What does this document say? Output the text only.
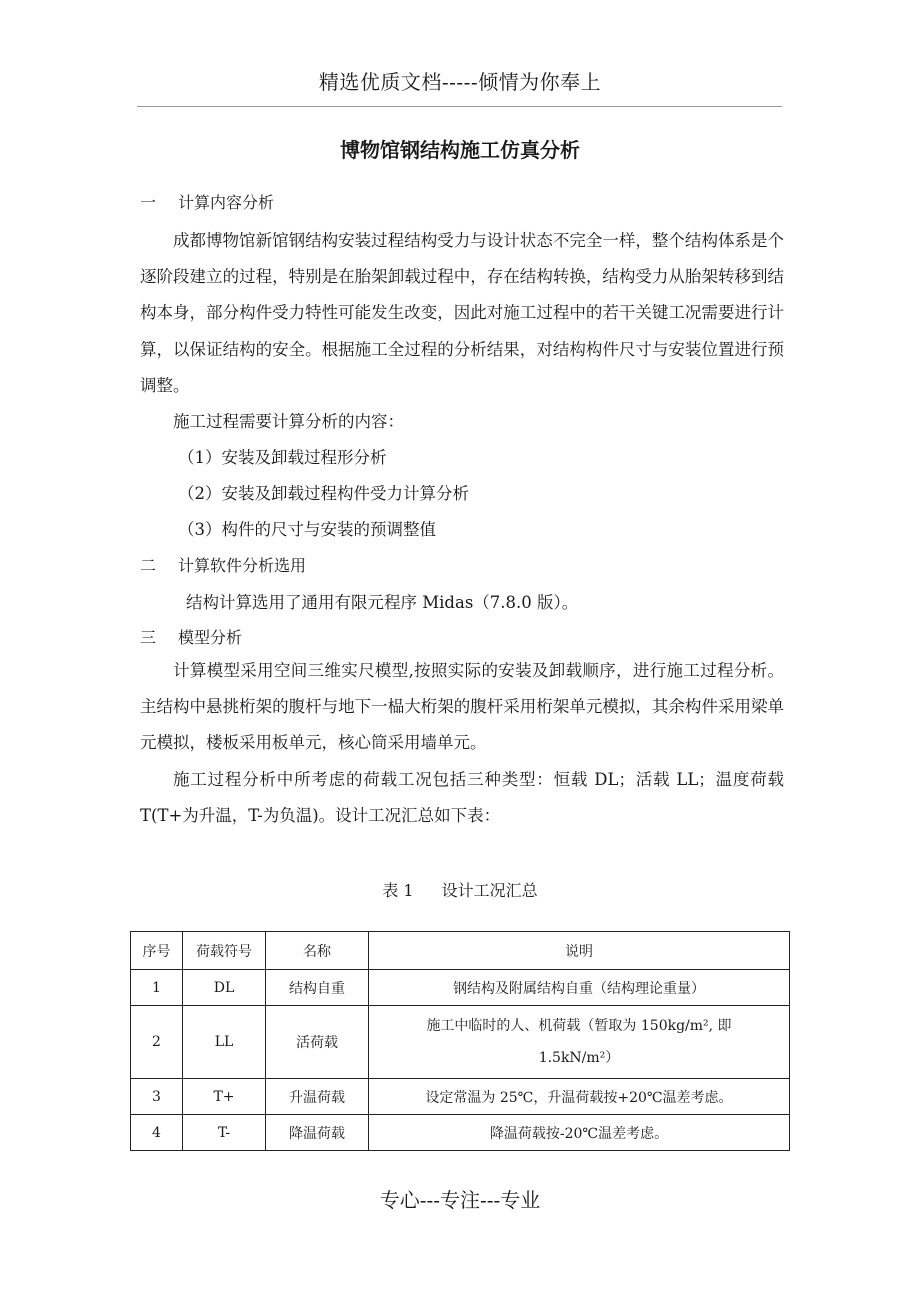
精选优质文档-----倾情为你奉上
博物馆钢结构施工仿真分析
一 计算内容分析
成都博物馆新馆钢结构安装过程结构受力与设计状态不完全一样，整个结构体系是个逐阶段建立的过程，特别是在胎架卸载过程中，存在结构转换，结构受力从胎架转移到结构本身，部分构件受力特性可能发生改变，因此对施工过程中的若干关键工况需要进行计算，以保证结构的安全。根据施工全过程的分析结果，对结构构件尺寸与安装位置进行预调整。
施工过程需要计算分析的内容：
（1）安装及卸载过程形分析
（2）安装及卸载过程构件受力计算分析
（3）构件的尺寸与安装的预调整值
二 计算软件分析选用
结构计算选用了通用有限元程序 Midas（7.8.0 版）。
三 模型分析
计算模型采用空间三维实尺模型,按照实际的安装及卸载顺序，进行施工过程分析。主结构中悬挑桁架的腹杆与地下一榀大桁架的腹杆采用桁架单元模拟，其余构件采用梁单元模拟，楼板采用板单元，核心筒采用墙单元。
施工过程分析中所考虑的荷载工况包括三种类型：恒载 DL；活载 LL；温度荷载 T(T+为升温，T-为负温)。设计工况汇总如下表：
表 1 设计工况汇总
序号	荷载符号	名称	说明
1	DL	结构自重	钢结构及附属结构自重（结构理论重量）
2	LL	活荷载	施工中临时的人、机荷载（暂取为 150kg/m², 即
1.5kN/m²）

3	T+	升温荷载	设定常温为 25℃，升温荷载按+20℃温差考虑。
4	T-	降温荷载	降温荷载按-20℃温差考虑。
专心---专注---专业
